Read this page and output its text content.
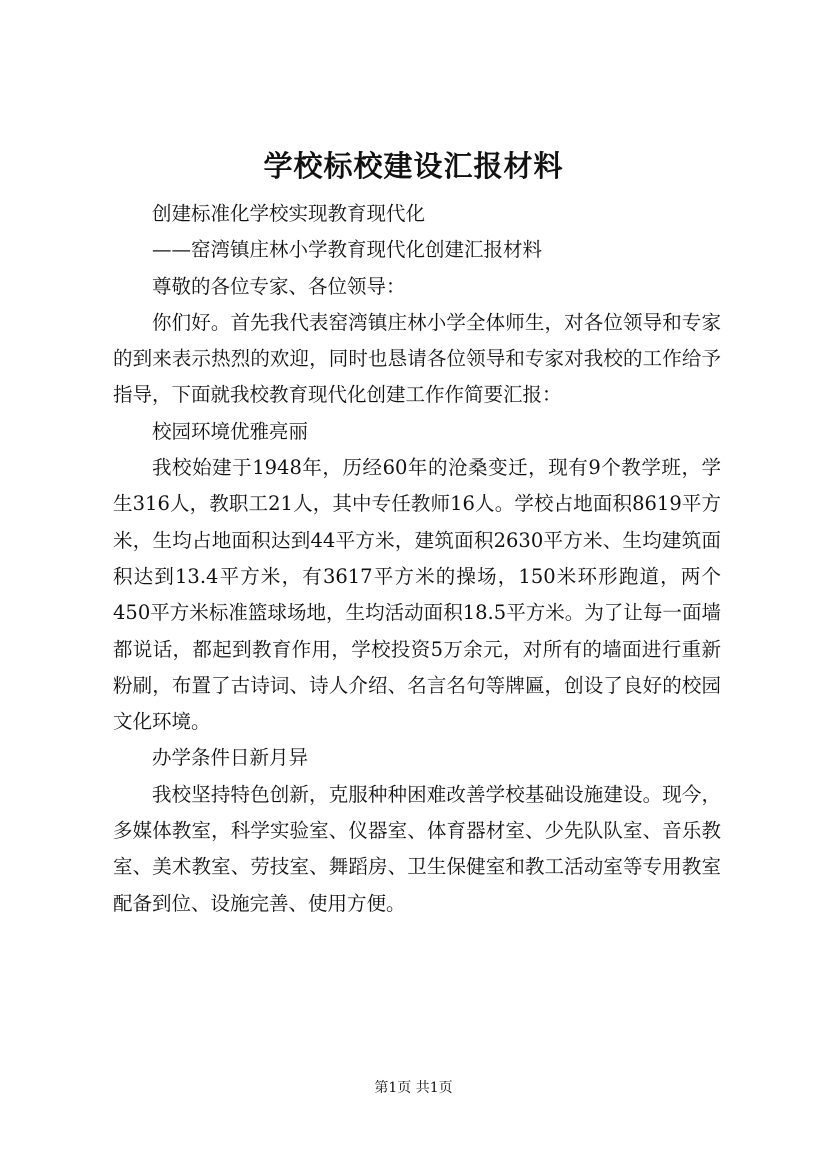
学校标校建设汇报材料

创建标准化学校实现教育现代化

——窑湾镇庄林小学教育现代化创建汇报材料

尊敬的各位专家、各位领导：

你们好。首先我代表窑湾镇庄林小学全体师生，对各位领导和专家的到来表示热烈的欢迎，同时也恳请各位领导和专家对我校的工作给予指导，下面就我校教育现代化创建工作作简要汇报：

校园环境优雅亮丽

我校始建于1948年，历经60年的沧桑变迁，现有9个教学班，学生316人，教职工21人，其中专任教师16人。学校占地面积8619平方米，生均占地面积达到44平方米，建筑面积2630平方米、生均建筑面积达到13.4平方米，有3617平方米的操场，150米环形跑道，两个450平方米标准篮球场地，生均活动面积18.5平方米。为了让每一面墙都说话，都起到教育作用，学校投资5万余元，对所有的墙面进行重新粉刷，布置了古诗词、诗人介绍、名言名句等牌匾，创设了良好的校园文化环境。

办学条件日新月异

我校坚持特色创新，克服种种困难改善学校基础设施建设。现今，多媒体教室，科学实验室、仪器室、体育器材室、少先队队室、音乐教室、美术教室、劳技室、舞蹈房、卫生保健室和教工活动室等专用教室配备到位、设施完善、使用方便。

第1页 共1页
